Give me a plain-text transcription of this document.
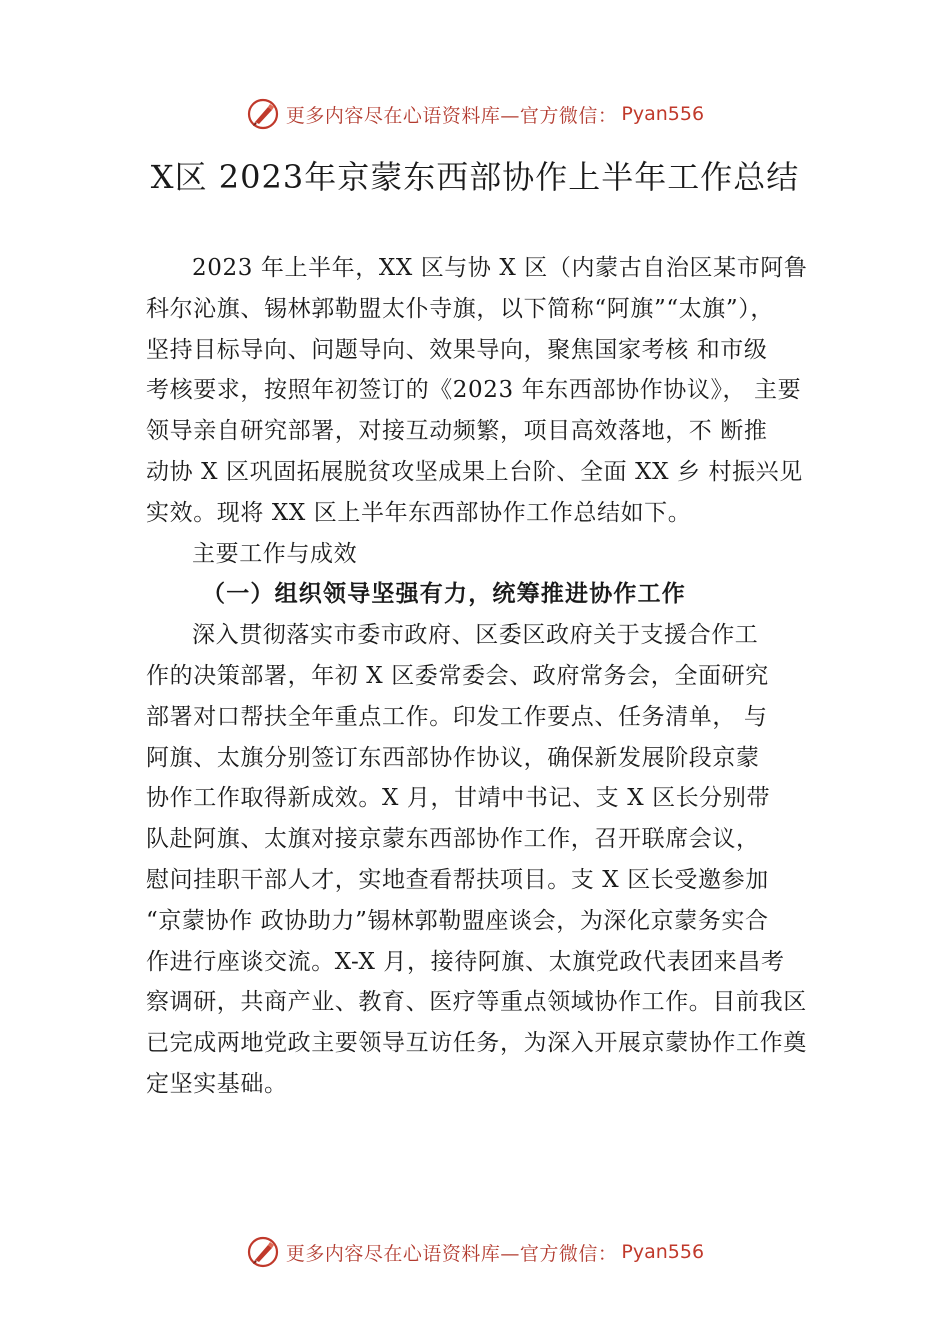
更多内容尽在心语资料库—官方微信： Pyan556
X区 2023年京蒙东西部协作上半年工作总结
2023 年上半年，XX 区与协 X 区（内蒙古自治区某市阿鲁
科尔沁旗、锡林郭勒盟太仆寺旗，以下简称“阿旗”“太旗”），
坚持目标导向、问题导向、效果导向，聚焦国家考核 和市级
考核要求，按照年初签订的《2023 年东西部协作协议》， 主要
领导亲自研究部署，对接互动频繁，项目高效落地，不 断推
动协 X 区巩固拓展脱贫攻坚成果上台阶、全面 XX 乡 村振兴见
实效。现将 XX 区上半年东西部协作工作总结如下。
主要工作与成效
（一）组织领导坚强有力，统筹推进协作工作
深入贯彻落实市委市政府、区委区政府关于支援合作工
作的决策部署，年初 X 区委常委会、政府常务会，全面研究
部署对口帮扶全年重点工作。印发工作要点、任务清单， 与
阿旗、太旗分别签订东西部协作协议，确保新发展阶段京蒙
协作工作取得新成效。X 月，甘靖中书记、支 X 区长分别带
队赴阿旗、太旗对接京蒙东西部协作工作，召开联席会议，
慰问挂职干部人才，实地查看帮扶项目。支 X 区长受邀参加
“京蒙协作 政协助力”锡林郭勒盟座谈会，为深化京蒙务实合
作进行座谈交流。X-X 月，接待阿旗、太旗党政代表团来昌考
察调研，共商产业、教育、医疗等重点领域协作工作。目前我区
已完成两地党政主要领导互访任务，为深入开展京蒙协作工作奠
定坚实基础。
更多内容尽在心语资料库—官方微信： Pyan556
